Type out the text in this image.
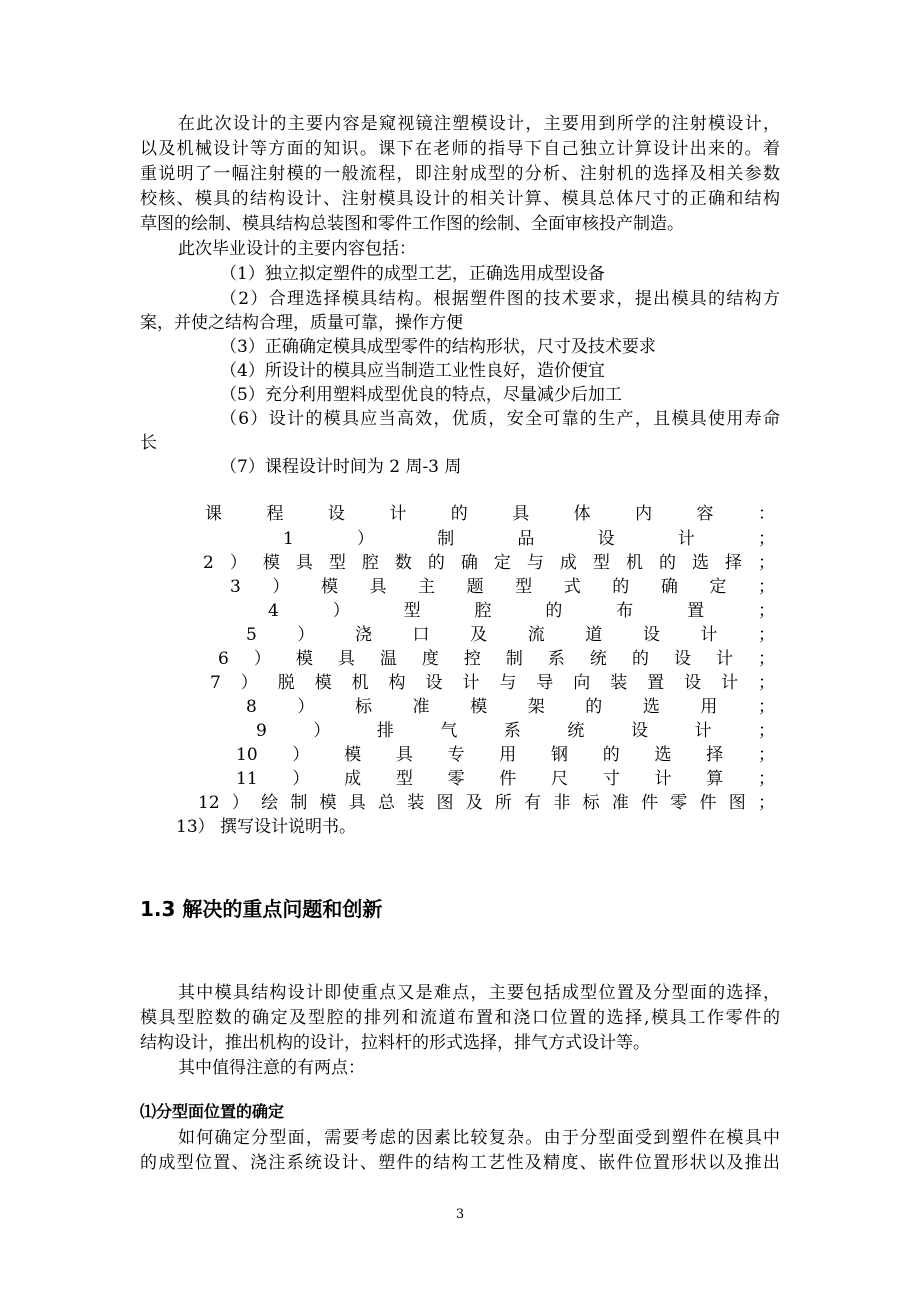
在此次设计的主要内容是窥视镜注塑模设计，主要用到所学的注射模设计，
以及机械设计等方面的知识。课下在老师的指导下自己独立计算设计出来的。着
重说明了一幅注射模的一般流程，即注射成型的分析、注射机的选择及相关参数
校核、模具的结构设计、注射模具设计的相关计算、模具总体尺寸的正确和结构
草图的绘制、模具结构总装图和零件工作图的绘制、全面审核投产制造。
此次毕业设计的主要内容包括：
（1）独立拟定塑件的成型工艺，正确选用成型设备
（2）合理选择模具结构。根据塑件图的技术要求，提出模具的结构方
案，并使之结构合理，质量可靠，操作方便
（3）正确确定模具成型零件的结构形状，尺寸及技术要求
（4）所设计的模具应当制造工业性良好，造价便宜
（5）充分利用塑料成型优良的特点，尽量减少后加工
（6）设计的模具应当高效，优质，安全可靠的生产，且模具使用寿命
长
（7）课程设计时间为 2 周-3 周
课程设计的具体内容：
1）制品设计；
2）模具型腔数的确定与成型机的选择；
3）模具主题型式的确定；
4）型腔的布置；
5）浇口及流道设计；
6）模具温度控制系统的设计；
7）脱模机构设计与导向装置设计；
8）标准模架的选用；
9）排气系统设计；
10）模具专用钢的选择；
11）成型零件尺寸计算；
12）绘制模具总装图及所有非标准件零件图；
13） 撰写设计说明书。
1.3 解决的重点问题和创新
其中模具结构设计即使重点又是难点，主要包括成型位置及分型面的选择，
模具型腔数的确定及型腔的排列和流道布置和浇口位置的选择,模具工作零件的
结构设计，推出机构的设计，拉料杆的形式选择，排气方式设计等。
其中值得注意的有两点：
⑴分型面位置的确定
如何确定分型面，需要考虑的因素比较复杂。由于分型面受到塑件在模具中
的成型位置、浇注系统设计、塑件的结构工艺性及精度、嵌件位置形状以及推出
3
